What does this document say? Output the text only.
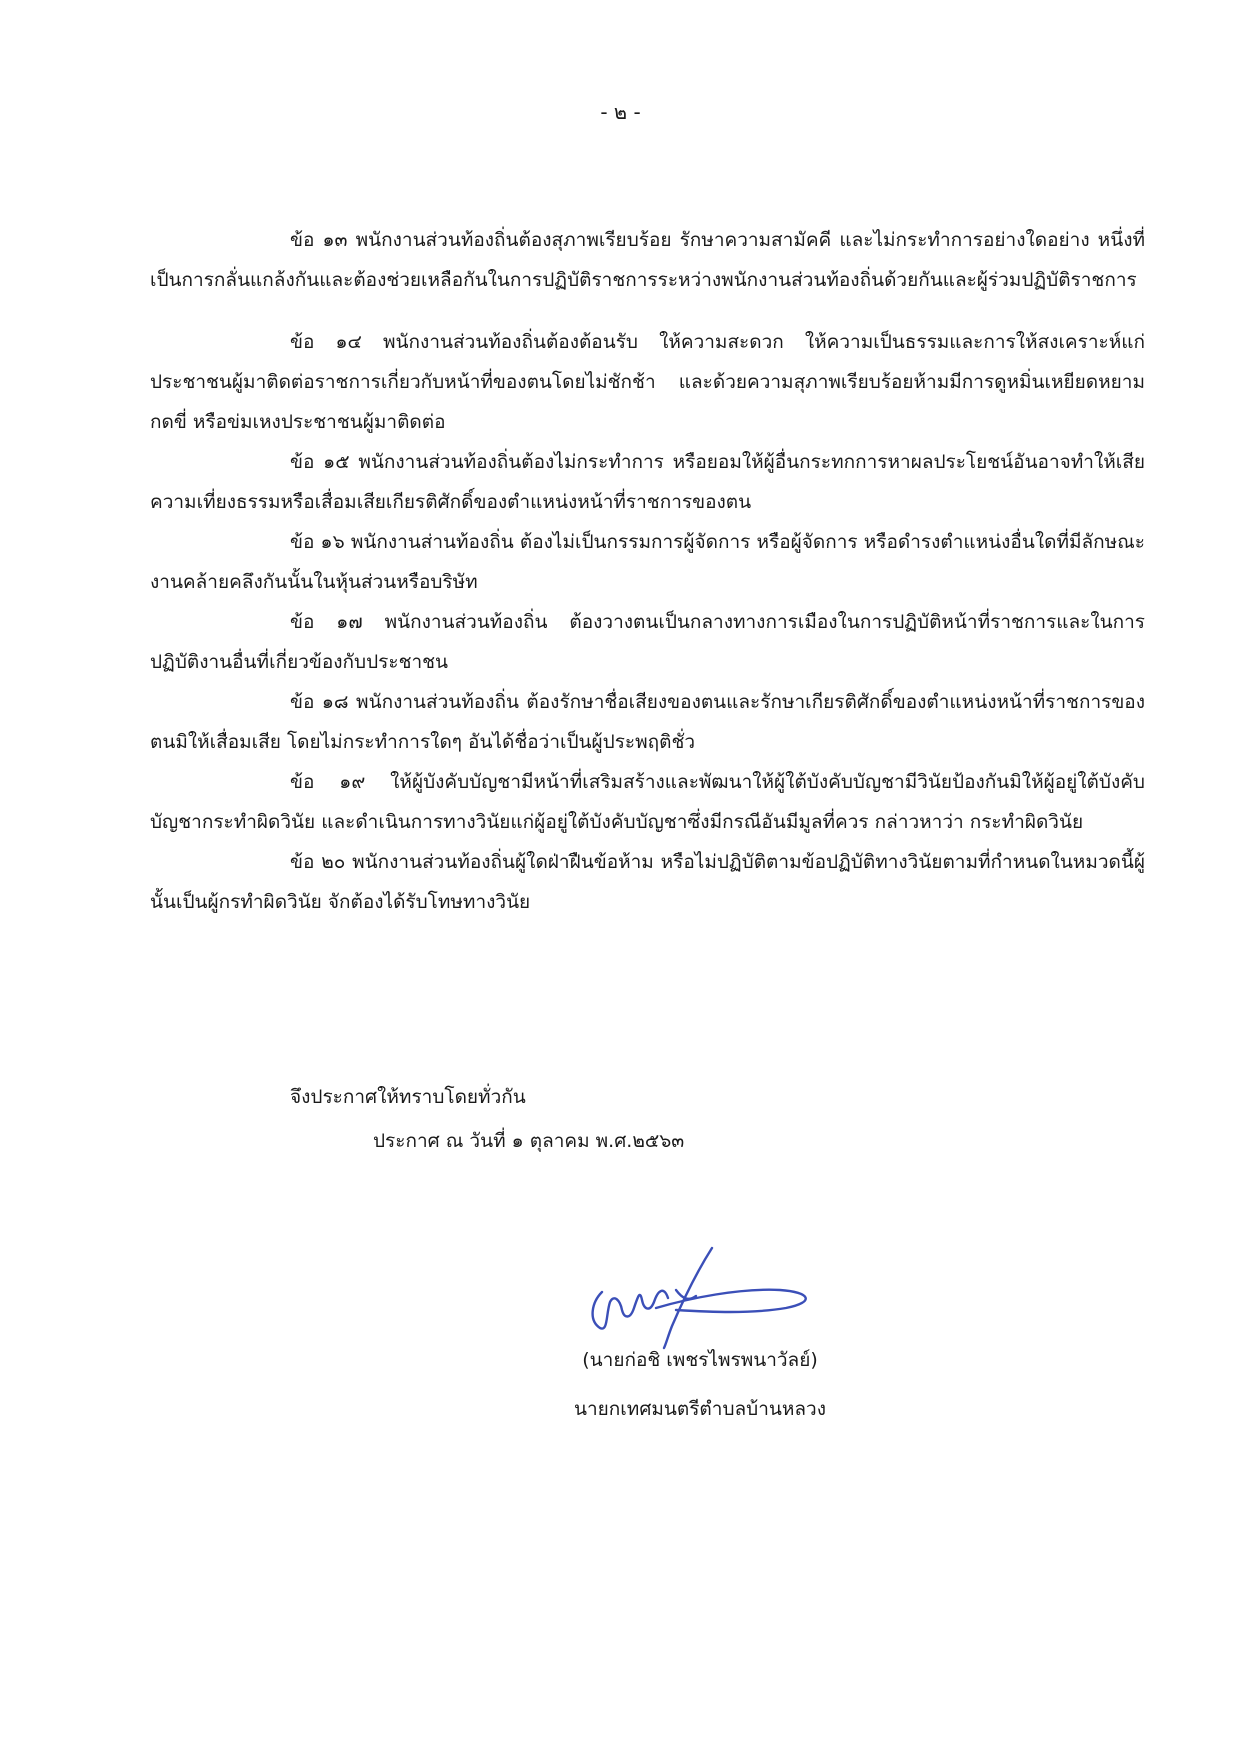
- ๒ -

ข้อ ๑๓ พนักงานส่วนท้องถิ่นต้องสุภาพเรียบร้อย รักษาความสามัคคี และไม่กระทำการอย่างใดอย่าง หนึ่งที่เป็นการกลั่นแกล้งกันและต้องช่วยเหลือกันในการปฏิบัติราชการระหว่างพนักงานส่วนท้องถิ่นด้วยกันและผู้ร่วมปฏิบัติราชการ

ข้อ ๑๔ พนักงานส่วนท้องถิ่นต้องต้อนรับ ให้ความสะดวก ให้ความเป็นธรรมและการให้สงเคราะห์แก่ประชาชนผู้มาติดต่อราชการเกี่ยวกับหน้าที่ของตนโดยไม่ชักช้า และด้วยความสุภาพเรียบร้อยห้ามมีการดูหมิ่นเหยียดหยาม กดขี่ หรือข่มเหงประชาชนผู้มาติดต่อ

ข้อ ๑๕ พนักงานส่วนท้องถิ่นต้องไม่กระทำการ หรือยอมให้ผู้อื่นกระทกการหาผลประโยชน์อันอาจทำให้เสียความเที่ยงธรรมหรือเสื่อมเสียเกียรติศักดิ์ของตำแหน่งหน้าที่ราชการของตน

ข้อ ๑๖ พนักงานส่านท้องถิ่น ต้องไม่เป็นกรรมการผู้จัดการ หรือผู้จัดการ หรือดำรงตำแหน่งอื่นใดที่มีลักษณะงานคล้ายคลึงกันนั้นในหุ้นส่วนหรือบริษัท

ข้อ ๑๗ พนักงานส่วนท้องถิ่น ต้องวางตนเป็นกลางทางการเมืองในการปฏิบัติหน้าที่ราชการและในการ ปฏิบัติงานอื่นที่เกี่ยวข้องกับประชาชน

ข้อ ๑๘ พนักงานส่วนท้องถิ่น ต้องรักษาชื่อเสียงของตนและรักษาเกียรติศักดิ์ของตำแหน่งหน้าที่ราชการของตนมิให้เสื่อมเสีย โดยไม่กระทำการใดๆ อันได้ชื่อว่าเป็นผู้ประพฤติชั่ว

ข้อ ๑๙ ให้ผู้บังคับบัญชามีหน้าที่เสริมสร้างและพัฒนาให้ผู้ใต้บังคับบัญชามีวินัยป้องกันมิให้ผู้อยู่ใต้บังคับบัญชากระทำผิดวินัย และดำเนินการทางวินัยแก่ผู้อยู่ใต้บังคับบัญชาซึ่งมีกรณีอันมีมูลที่ควร กล่าวหาว่า กระทำผิดวินัย

ข้อ ๒๐ พนักงานส่วนท้องถิ่นผู้ใดฝ่าฝืนข้อห้าม หรือไม่ปฏิบัติตามข้อปฏิบัติทางวินัยตามที่กำหนดในหมวดนี้ผู้นั้นเป็นผู้กรทำผิดวินัย จักต้องได้รับโทษทางวินัย

จึงประกาศให้ทราบโดยทั่วกัน
ประกาศ ณ วันที่ ๑ ตุลาคม พ.ศ.๒๕๖๓
(นายก่อชิ เพชรไพรพนาวัลย์)
นายกเทศมนตรีตำบลบ้านหลวง
